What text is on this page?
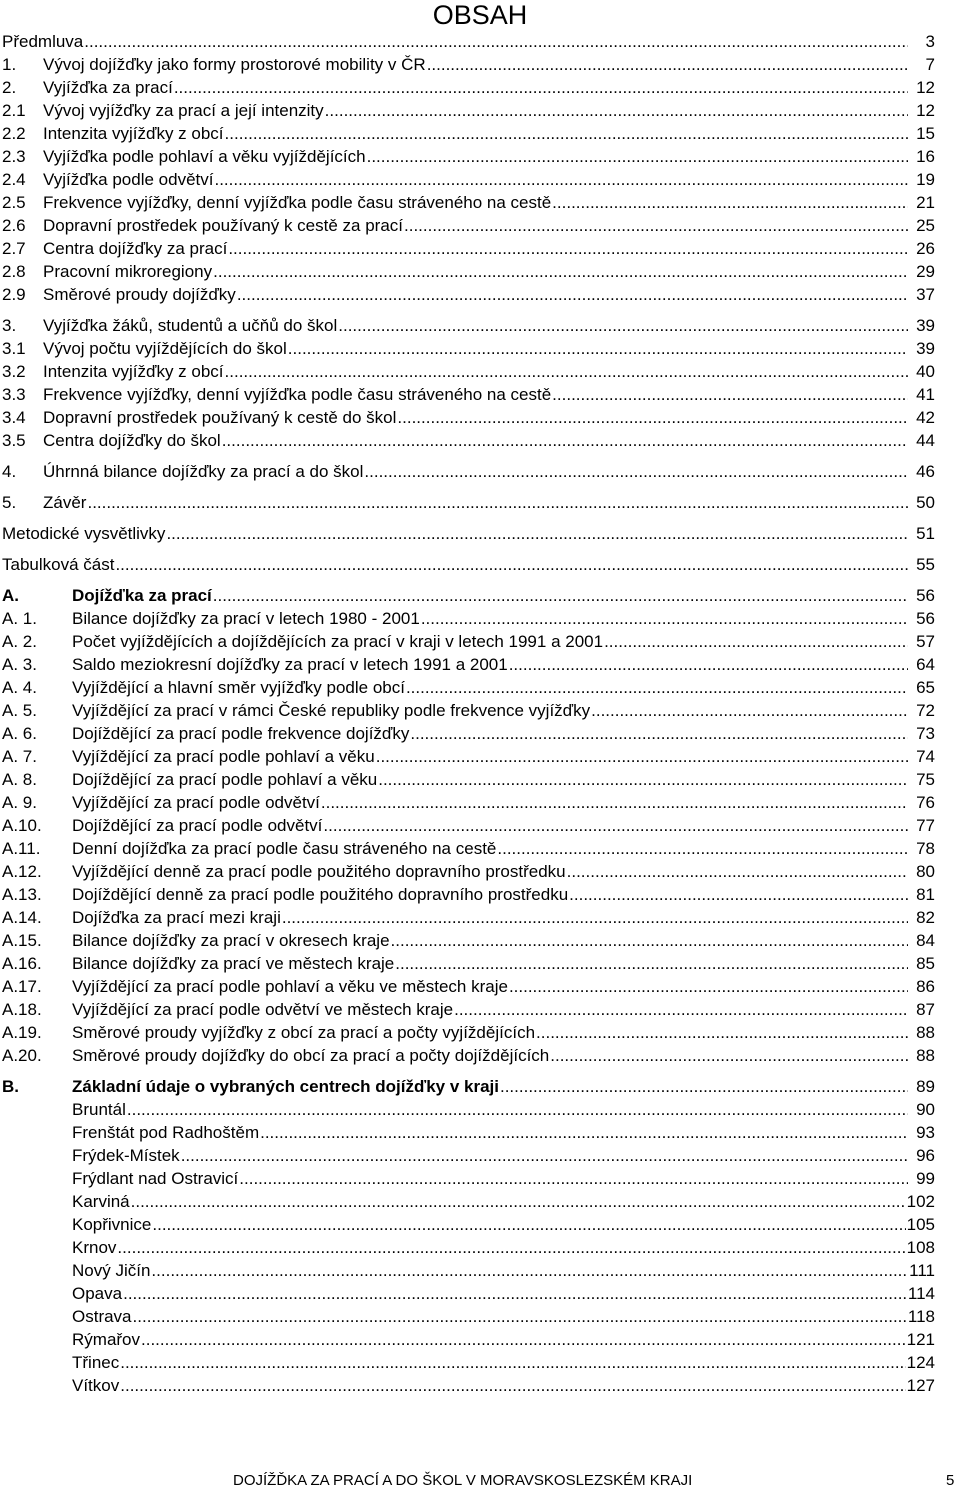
OBSAH
Předmluva .....	3
1.	Vývoj dojížďky jako formy prostorové mobility v ČR .....	7
2.	Vyjížďka za prací .....	12
2.1	Vývoj vyjížďky za prací a její intenzity .....	12
2.2	Intenzita vyjížďky z obcí .....	15
2.3	Vyjížďka podle pohlaví a věku vyjíždějících .....	16
2.4	Vyjížďka podle odvětví .....	19
2.5	Frekvence vyjížďky, denní vyjížďka podle času stráveného na cestě .....	21
2.6	Dopravní prostředek používaný k cestě za prací .....	25
2.7	Centra dojížďky za prací .....	26
2.8	Pracovní mikroregiony .....	29
2.9	Směrové proudy dojížďky .....	37
3.	Vyjížďka žáků, studentů a učňů do škol .....	39
3.1	Vývoj počtu vyjíždějících do škol .....	39
3.2	Intenzita vyjížďky z obcí .....	40
3.3	Frekvence vyjížďky, denní vyjížďka podle času stráveného na cestě .....	41
3.4	Dopravní prostředek používaný k cestě do škol .....	42
3.5	Centra dojížďky do škol .....	44
4.	Úhrnná bilance dojížďky za prací a do škol .....	46
5.	Závěr .....	50
Metodické vysvětlivky .....	51
Tabulková část .....	55
A.	Dojížďka za prací .....	56
A. 1.	Bilance dojížďky za prací v letech 1980 - 2001 .....	56
A. 2.	Počet vyjíždějících a dojíždějících za prací v kraji v letech 1991 a 2001 .....	57
A. 3.	Saldo meziokresní dojížďky za prací v letech 1991 a 2001 .....	64
A. 4.	Vyjíždějící a hlavní směr vyjížďky podle obcí .....	65
A. 5.	Vyjíždějící za prací v rámci České republiky podle frekvence vyjížďky .....	72
A. 6.	Dojíždějící za prací podle frekvence dojížďky .....	73
A. 7.	Vyjíždějící za prací podle pohlaví a věku .....	74
A. 8.	Dojíždějící za prací podle pohlaví a věku .....	75
A. 9.	Vyjíždějící za prací podle odvětví .....	76
A.10.	Dojíždějící za prací podle odvětví .....	77
A.11.	Denní dojížďka za prací podle času stráveného na cestě .....	78
A.12.	Vyjíždějící denně za prací podle použitého dopravního prostředku .....	80
A.13.	Dojíždějící denně za prací podle použitého dopravního prostředku .....	81
A.14.	Dojížďka za prací mezi kraji .....	82
A.15.	Bilance dojížďky za prací v okresech kraje .....	84
A.16.	Bilance dojížďky za prací ve městech kraje .....	85
A.17.	Vyjíždějící za prací podle pohlaví a věku ve městech kraje .....	86
A.18.	Vyjíždějící za prací podle odvětví ve městech kraje .....	87
A.19.	Směrové proudy vyjížďky z obcí za prací a počty vyjíždějících .....	88
A.20.	Směrové proudy dojížďky do obcí za prací a počty dojíždějících .....	88
B.	Základní údaje o vybraných centrech dojížďky v kraji .....	89
Bruntál .....	90
Frenštát pod Radhoštěm .....	93
Frýdek-Místek .....	96
Frýdlant nad Ostravicí .....	99
Karviná .....	102
Kopřivnice .....	105
Krnov .....	108
Nový Jičín .....	111
Opava .....	114
Ostrava .....	118
Rýmařov .....	121
Třinec .....	124
Vítkov .....	127
DOJÍŽĎKA ZA PRACÍ A DO ŠKOL V MORAVSKOSLEZSKÉM KRAJI	5
